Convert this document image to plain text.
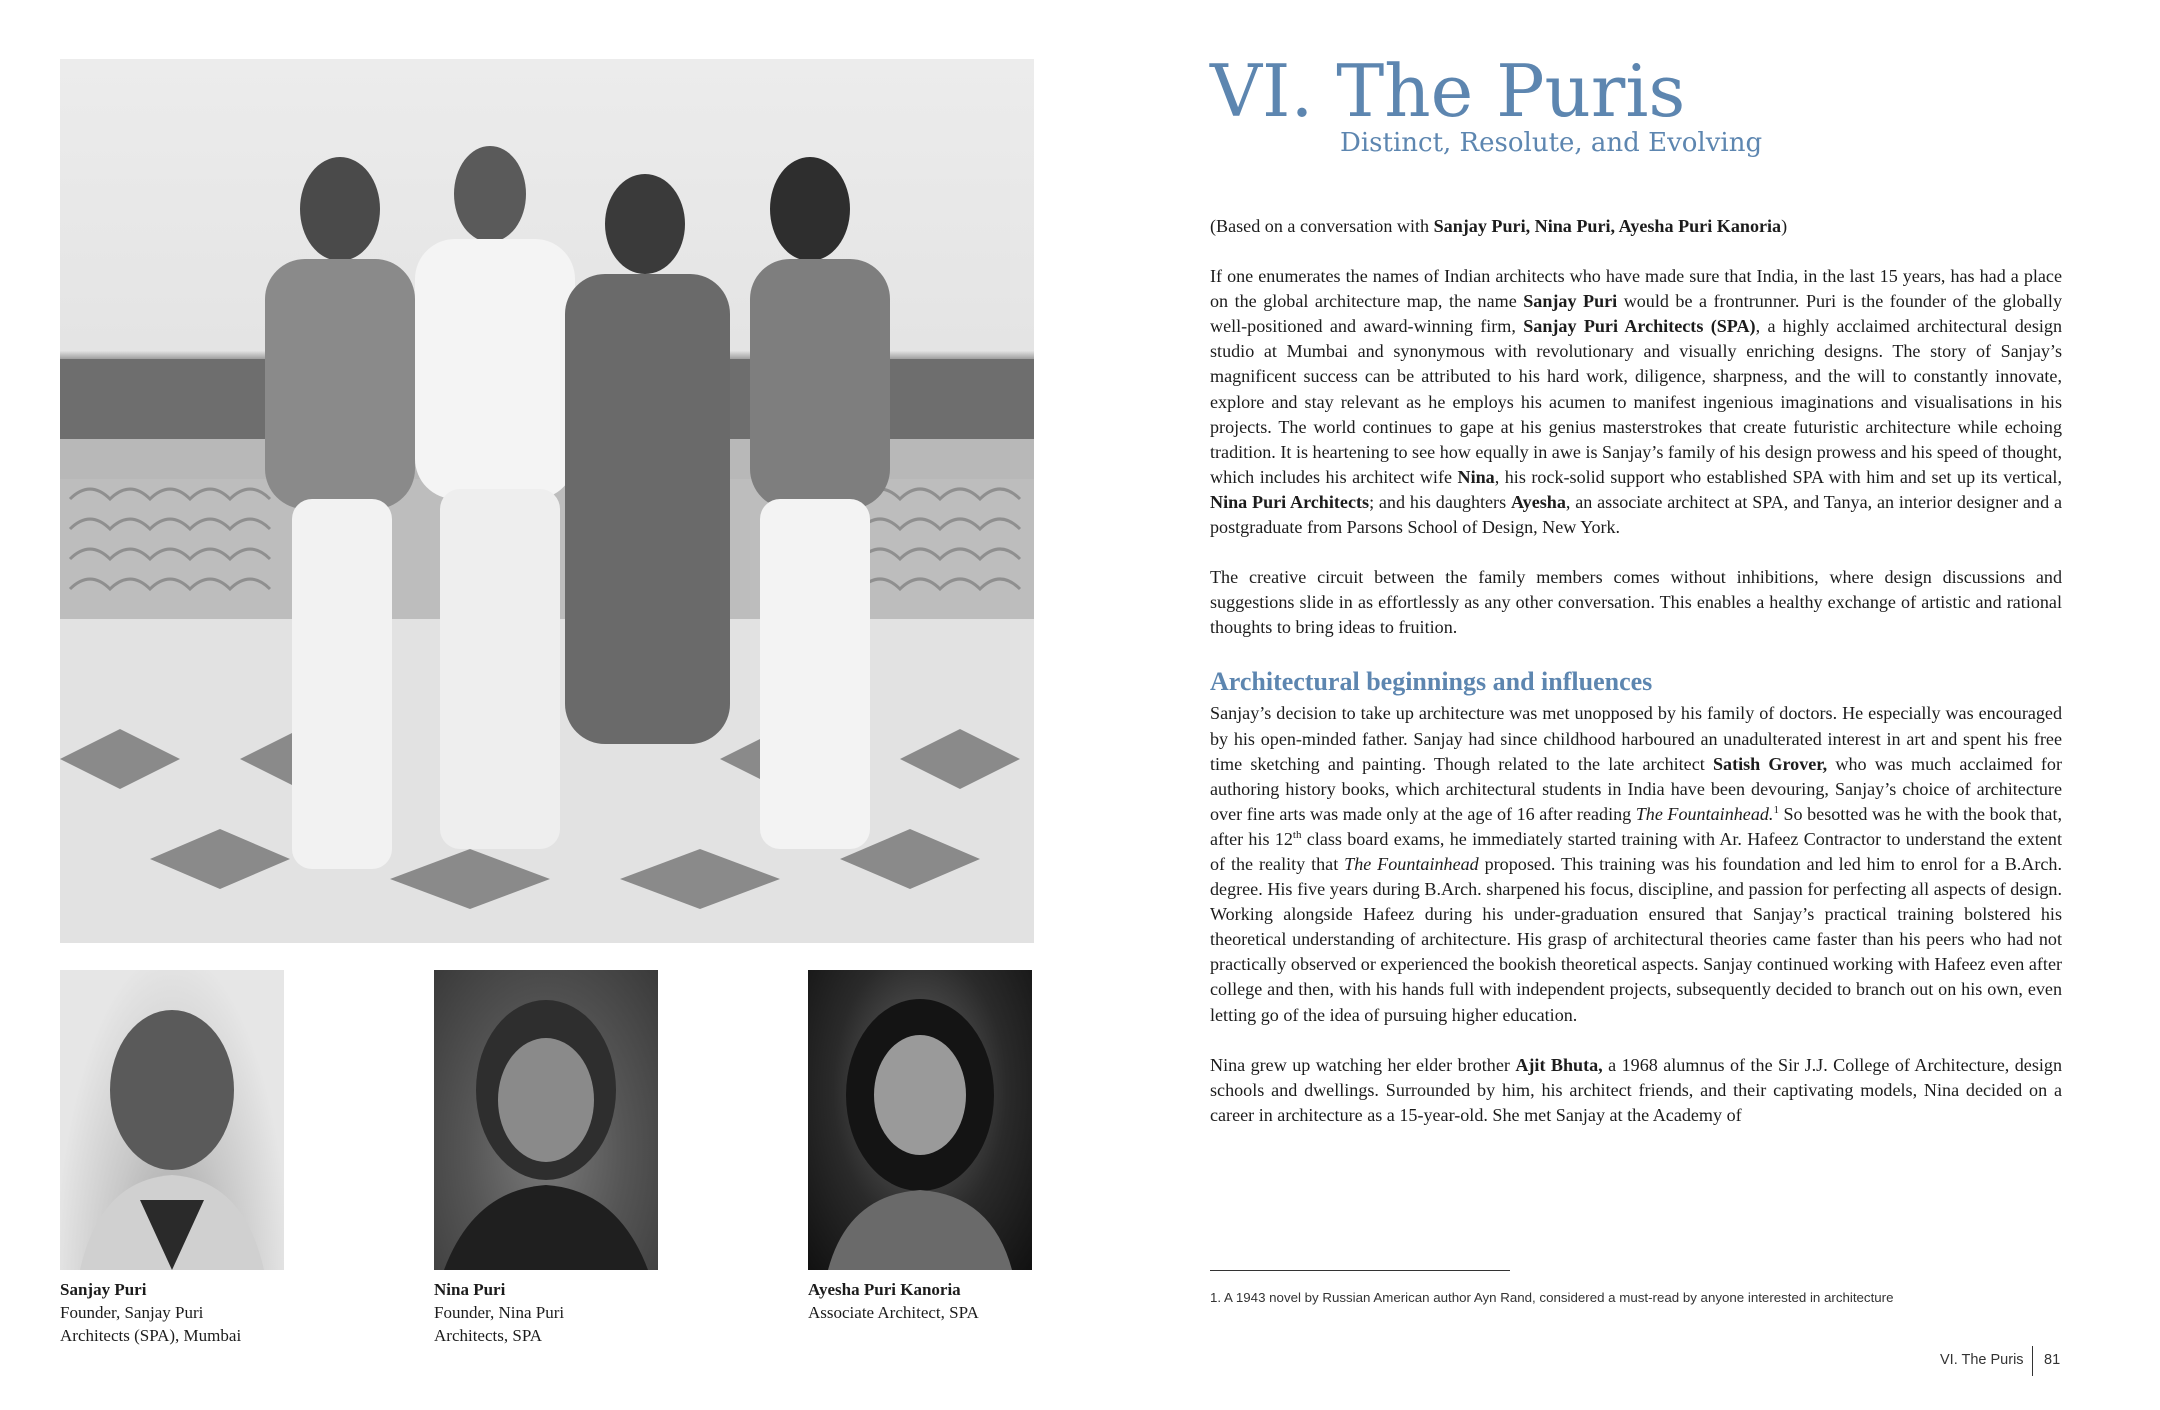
Sanjay Puri
Founder, Sanjay Puri
Architects (SPA), Mumbai
Nina Puri
Founder, Nina Puri
Architects, SPA
Ayesha Puri Kanoria
Associate Architect, SPA
VI. The Puris
Distinct, Resolute, and Evolving

(Based on a conversation with Sanjay Puri, Nina Puri, Ayesha Puri Kanoria)

If one enumerates the names of Indian architects who have made sure that India, in the last 15 years, has had a place on the global architecture map, the name Sanjay Puri would be a frontrunner. Puri is the founder of the globally well-positioned and award-winning firm, Sanjay Puri Architects (SPA), a highly acclaimed architectural design studio at Mumbai and synonymous with revolutionary and visually enriching designs. The story of Sanjay’s magnificent success can be attributed to his hard work, diligence, sharpness, and the will to constantly innovate, explore and stay relevant as he employs his acumen to manifest ingenious imaginations and visualisations in his projects. The world continues to gape at his genius masterstrokes that create futuristic architecture while echoing tradition. It is heartening to see how equally in awe is Sanjay’s family of his design prowess and his speed of thought, which includes his architect wife Nina, his rock-solid support who established SPA with him and set up its vertical, Nina Puri Architects; and his daughters Ayesha, an associate architect at SPA, and Tanya, an interior designer and a postgraduate from Parsons School of Design, New York.

The creative circuit between the family members comes without inhibitions, where design discussions and suggestions slide in as effortlessly as any other conversation. This enables a healthy exchange of artistic and rational thoughts to bring ideas to fruition.

Architectural beginnings and influences

Sanjay’s decision to take up architecture was met unopposed by his family of doctors. He especially was encouraged by his open-minded father. Sanjay had since childhood harboured an unadulterated interest in art and spent his free time sketching and painting. Though related to the late architect Satish Grover, who was much acclaimed for authoring history books, which architectural students in India have been devouring, Sanjay’s choice of architecture over fine arts was made only at the age of 16 after reading The Fountainhead.$^1$ So besotted was he with the book that, after his 12th class board exams, he immediately started training with Ar. Hafeez Contractor to understand the extent of the reality that The Fountainhead proposed. This training was his foundation and led him to enrol for a B.Arch. degree. His five years during B.Arch. sharpened his focus, discipline, and passion for perfecting all aspects of design. Working alongside Hafeez during his under-graduation ensured that Sanjay’s practical training bolstered his theoretical understanding of architecture. His grasp of architectural theories came faster than his peers who had not practically observed or experienced the bookish theoretical aspects. Sanjay continued working with Hafeez even after college and then, with his hands full with independent projects, subsequently decided to branch out on his own, even letting go of the idea of pursuing higher education.

Nina grew up watching her elder brother Ajit Bhuta, a 1968 alumnus of the Sir J.J. College of Architecture, design schools and dwellings. Surrounded by him, his architect friends, and their captivating models, Nina decided on a career in architecture as a 15-year-old. She met Sanjay at the Academy of

1. A 1943 novel by Russian American author Ayn Rand, considered a must-read by anyone interested in architecture
VI. The Puris 81
